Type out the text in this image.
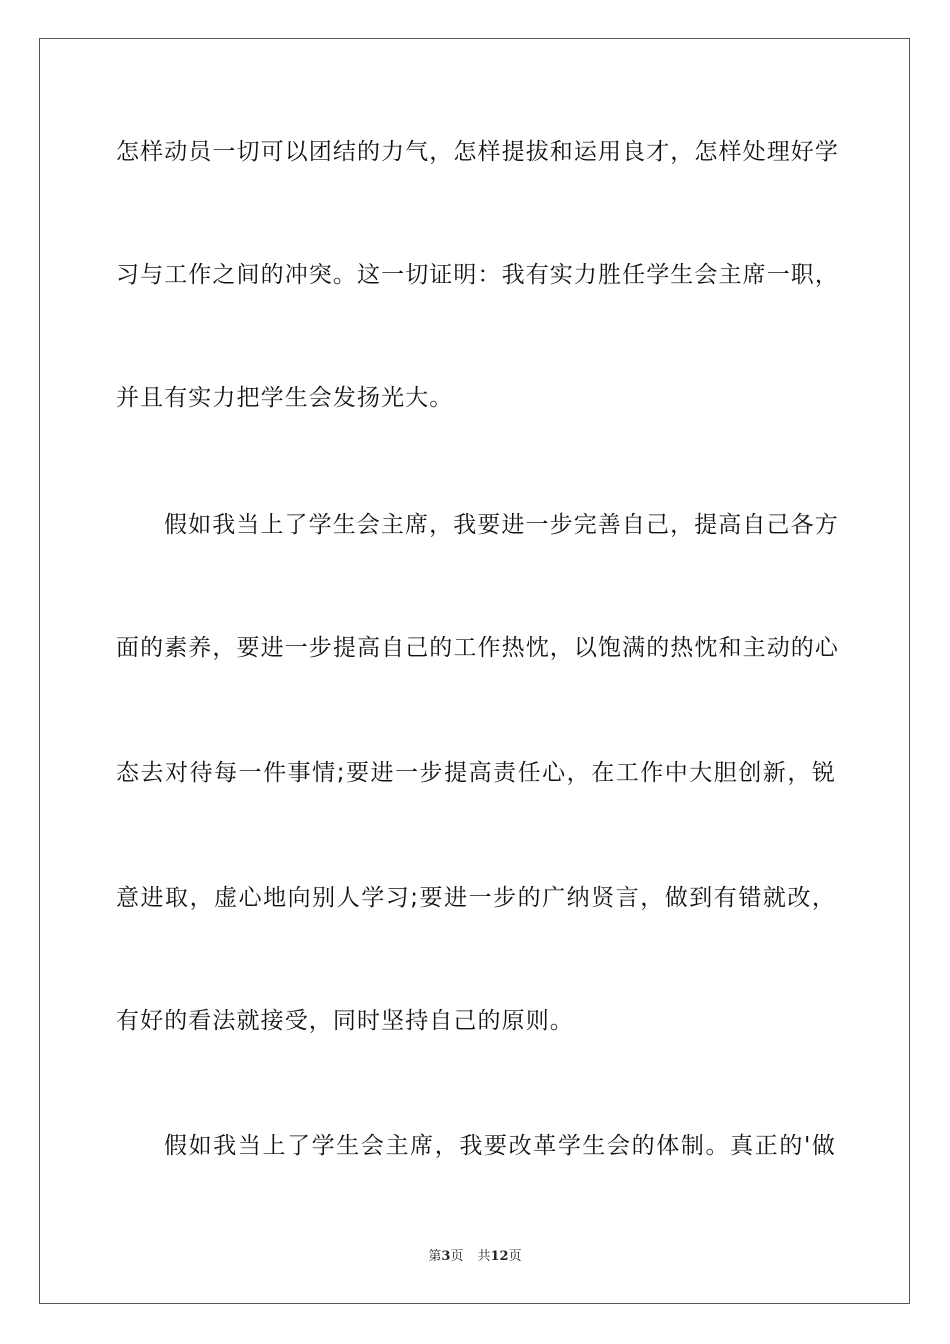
怎样动员一切可以团结的力气，怎样提拔和运用良才，怎样处理好学
习与工作之间的冲突。这一切证明：我有实力胜任学生会主席一职，
并且有实力把学生会发扬光大。
假如我当上了学生会主席，我要进一步完善自己，提高自己各方
面的素养，要进一步提高自己的工作热忱，以饱满的热忱和主动的心
态去对待每一件事情;要进一步提高责任心，在工作中大胆创新，锐
意进取，虚心地向别人学习;要进一步的广纳贤言，做到有错就改，
有好的看法就接受，同时坚持自己的原则。
假如我当上了学生会主席，我要改革学生会的体制。真正的'做
第3页 共12页
